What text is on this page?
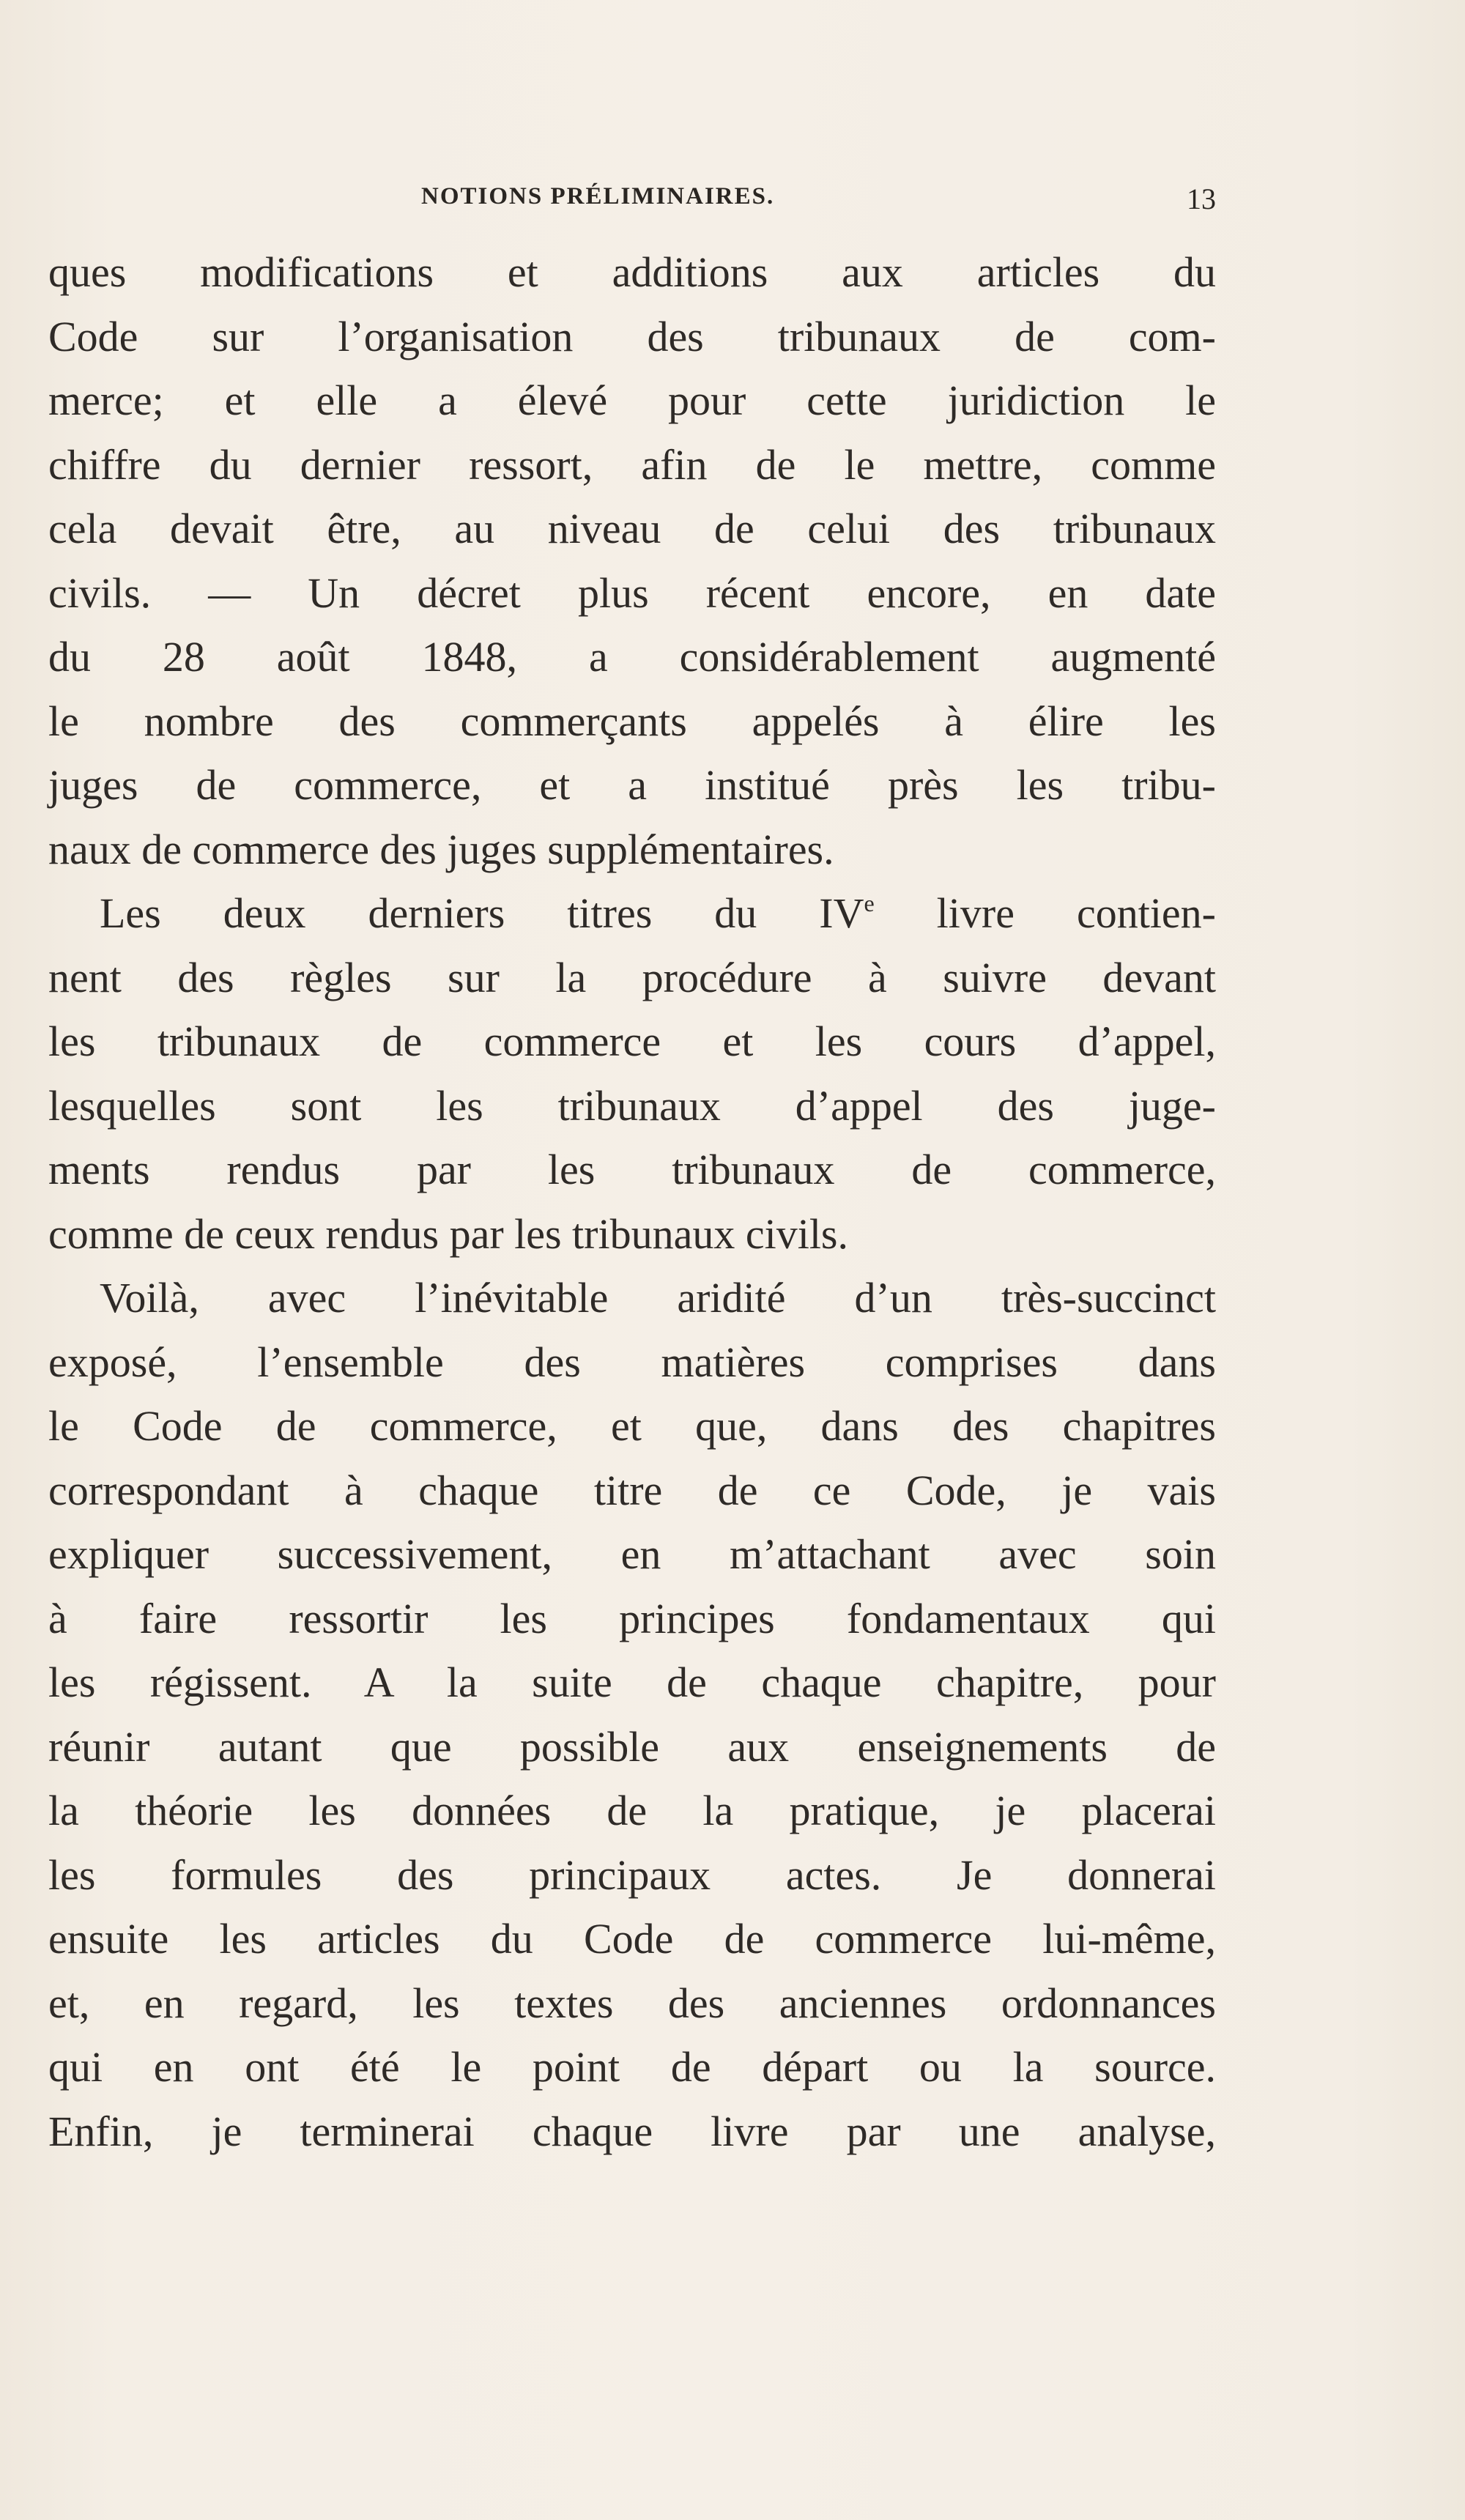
NOTIONS PRÉLIMINAIRES.	13
ques modifications et additions aux articles du
Code sur l’organisation des tribunaux de com-
merce; et elle a élevé pour cette juridiction le
chiffre du dernier ressort, afin de le mettre, comme
cela devait être, au niveau de celui des tribunaux
civils. — Un décret plus récent encore, en date
du 28 août 1848, a considérablement augmenté
le nombre des commerçants appelés à élire les
juges de commerce, et a institué près les tribu-
naux de commerce des juges supplémentaires.
Les deux derniers titres du IVe livre contien-
nent des règles sur la procédure à suivre devant
les tribunaux de commerce et les cours d’appel,
lesquelles sont les tribunaux d’appel des juge-
ments rendus par les tribunaux de commerce,
comme de ceux rendus par les tribunaux civils.
Voilà, avec l’inévitable aridité d’un très-succinct
exposé, l’ensemble des matières comprises dans
le Code de commerce, et que, dans des chapitres
correspondant à chaque titre de ce Code, je vais
expliquer successivement, en m’attachant avec soin
à faire ressortir les principes fondamentaux qui
les régissent. A la suite de chaque chapitre, pour
réunir autant que possible aux enseignements de
la théorie les données de la pratique, je placerai
les formules des principaux actes. Je donnerai
ensuite les articles du Code de commerce lui-même,
et, en regard, les textes des anciennes ordonnances
qui en ont été le point de départ ou la source.
Enfin, je terminerai chaque livre par une analyse,
